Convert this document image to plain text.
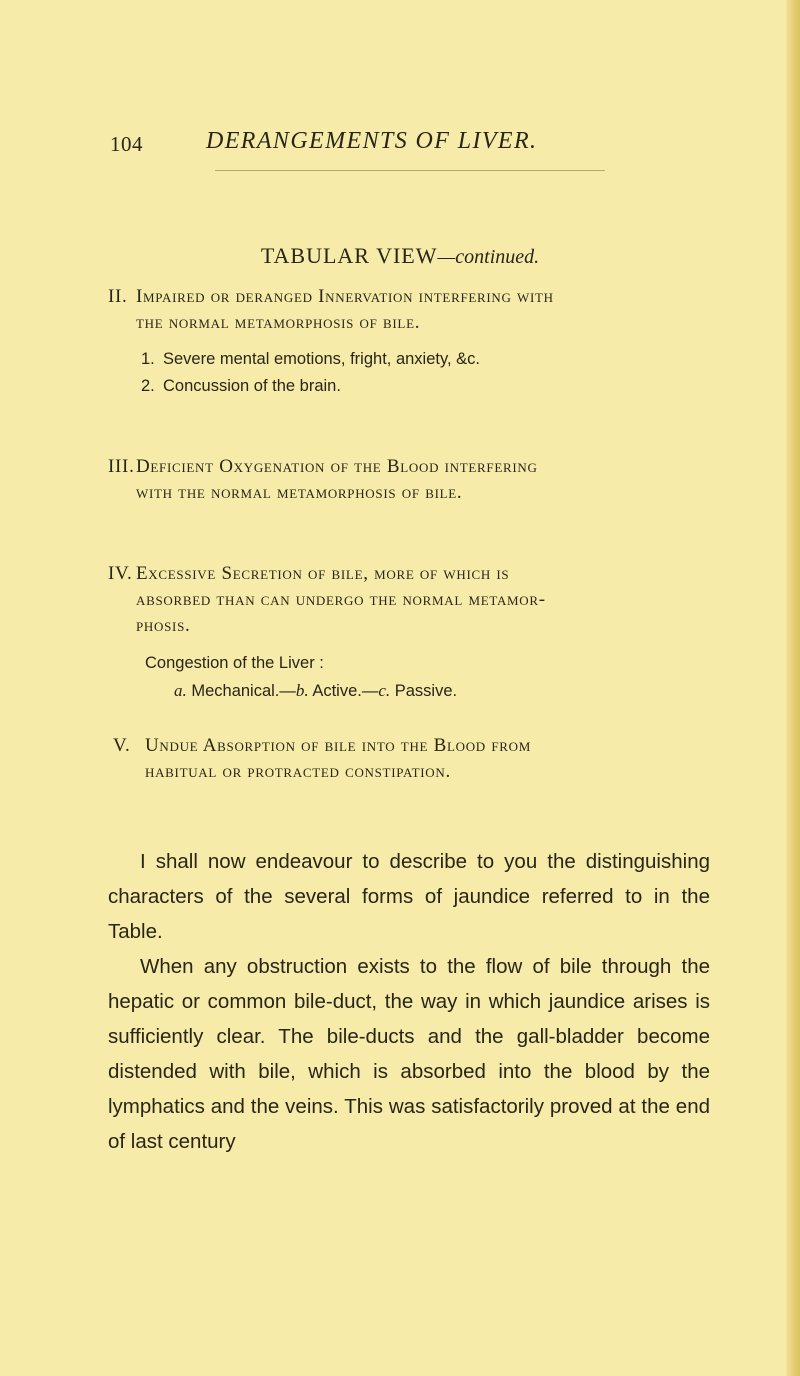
104	DERANGEMENTS OF LIVER.
TABULAR VIEW—continued.
II. Impaired or deranged Innervation interfering with
the normal metamorphosis of bile.
1. Severe mental emotions, fright, anxiety, &c.
2. Concussion of the brain.
III.Deficient Oxygenation of the Blood interfering
with the normal metamorphosis of bile.
IV. Excessive Secretion of bile, more of which is
absorbed than can undergo the normal metamor-
phosis.
Congestion of the Liver :
a. Mechanical.—b. Active.—c. Passive.
V. Undue Absorption of bile into the Blood from
habitual or protracted constipation.

I shall now endeavour to describe to you the distinguishing characters of the several forms of jaundice referred to in the Table.

When any obstruction exists to the flow of bile through the hepatic or common bile-duct, the way in which jaundice arises is sufficiently clear. The bile-ducts and the gall-bladder become distended with bile, which is absorbed into the blood by the lymphatics and the veins. This was satisfactorily proved at the end of last century
